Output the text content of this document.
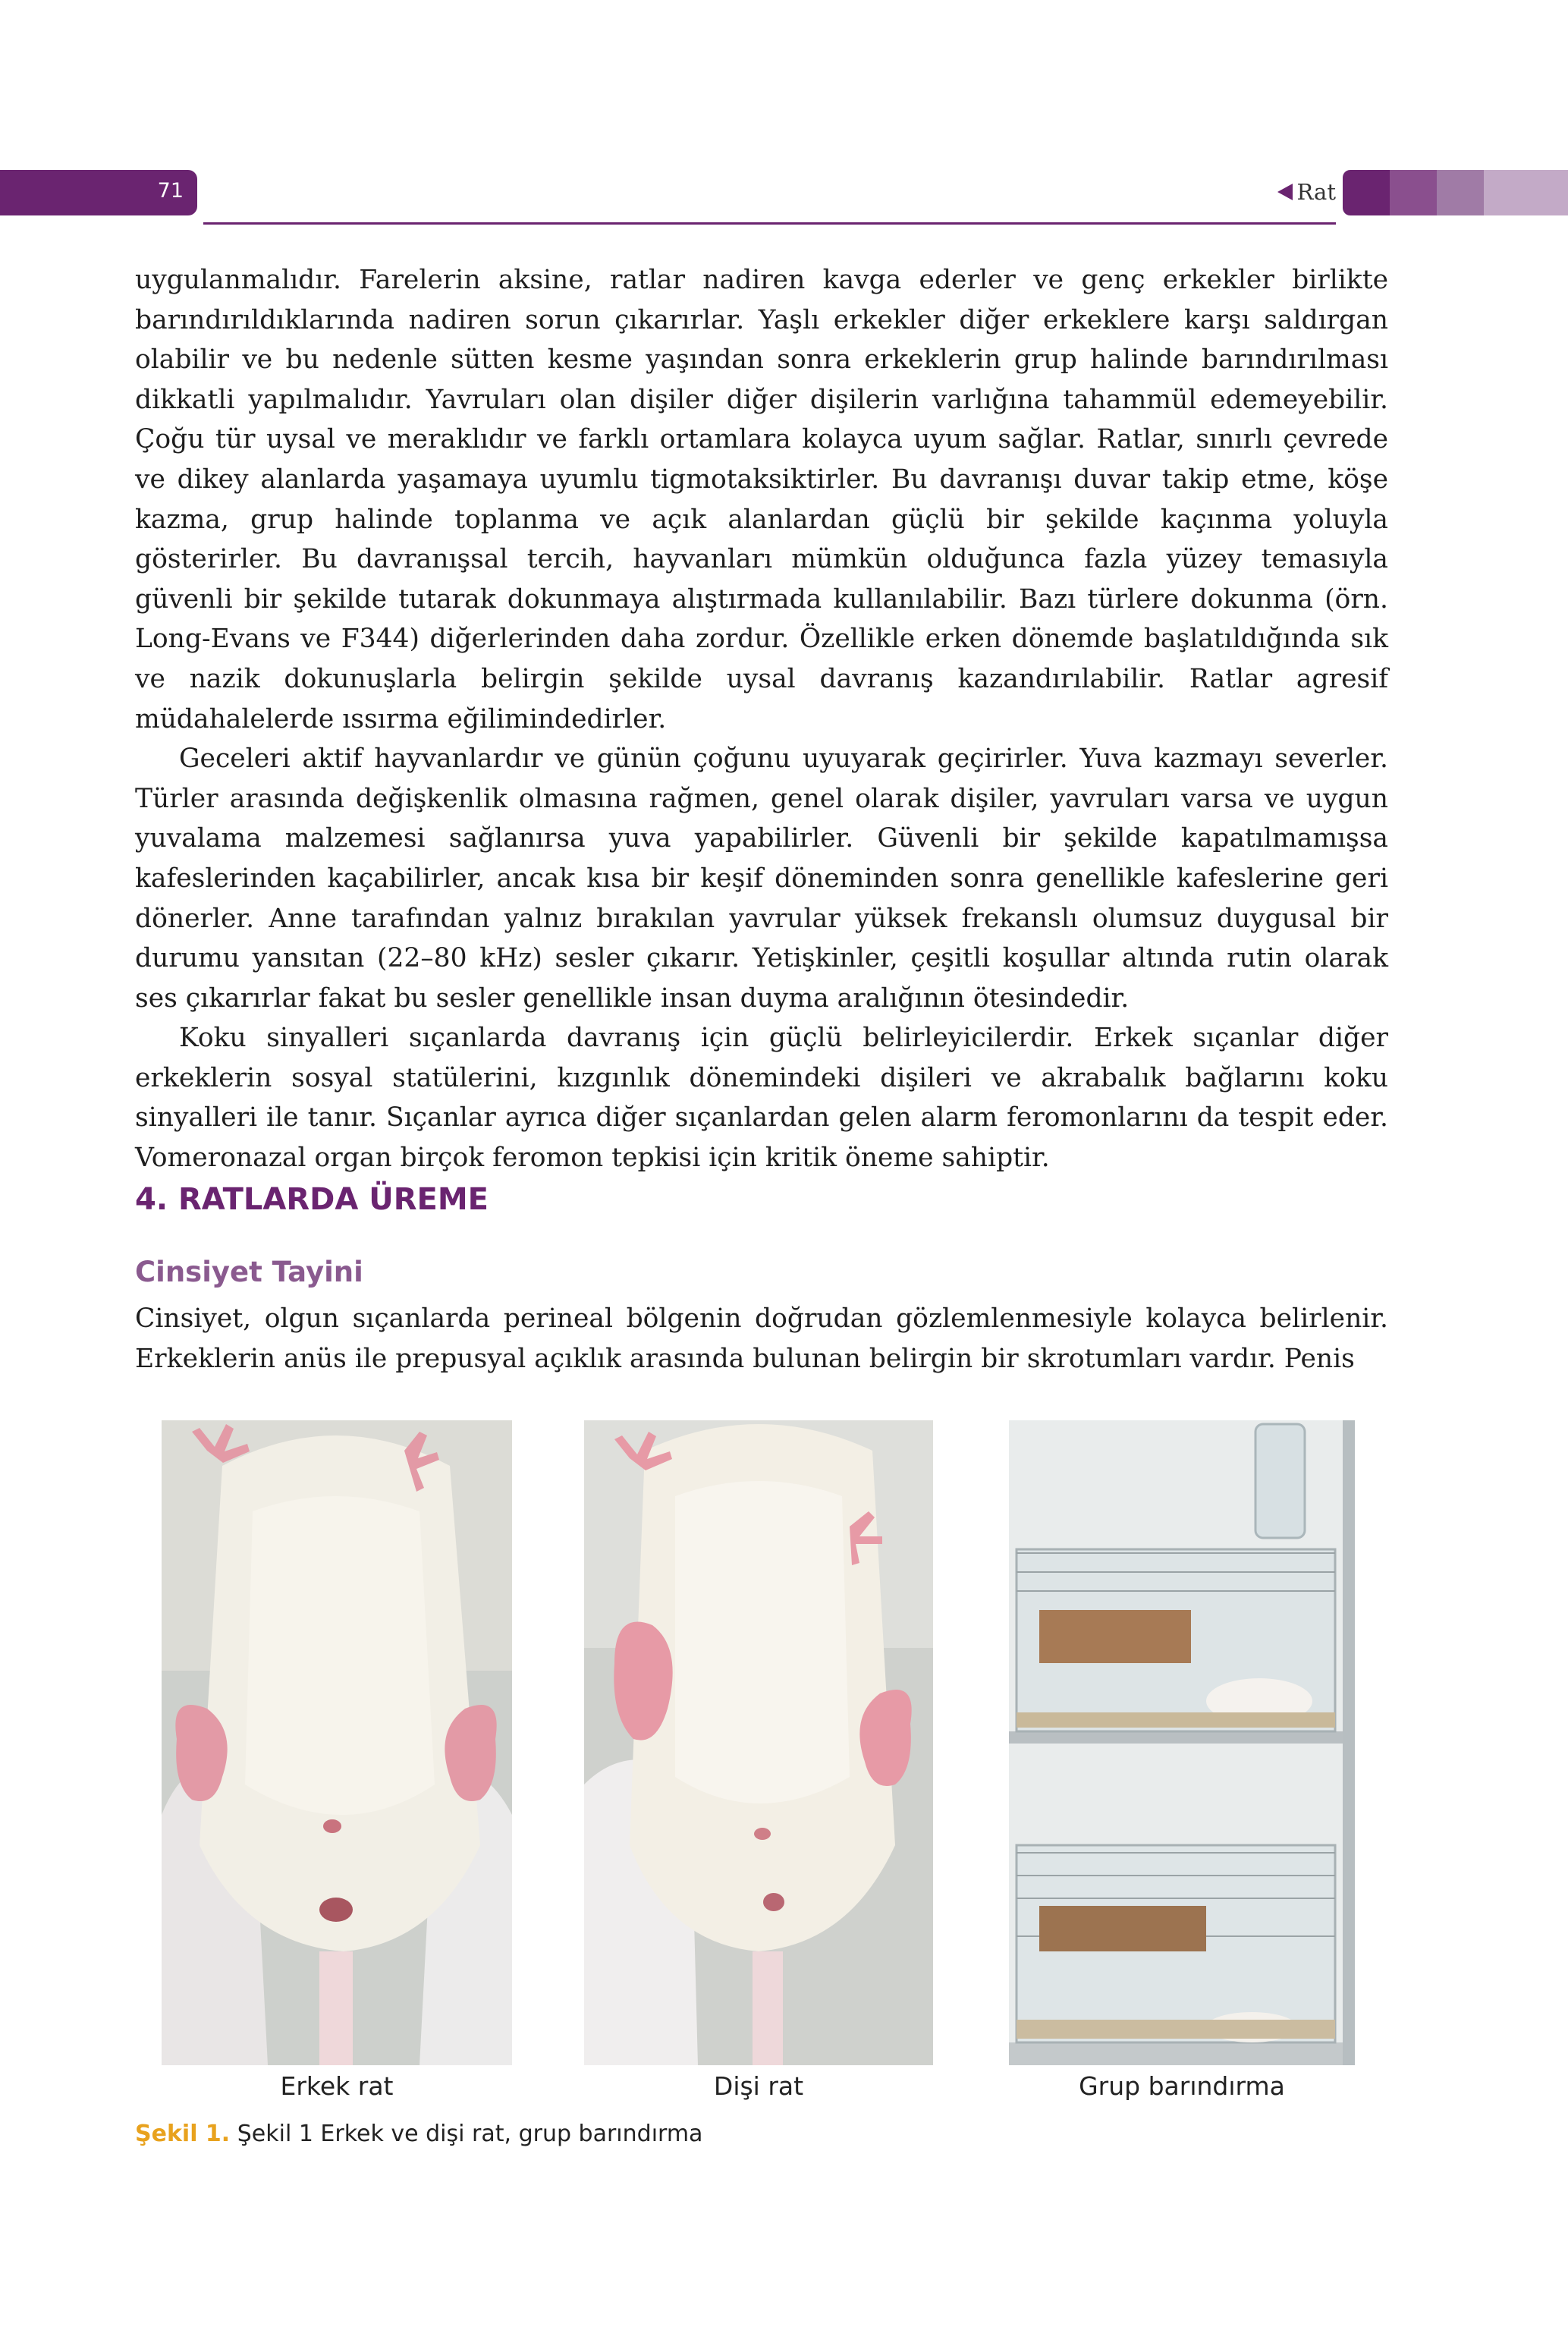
71	Rat

uygulanmalıdır. Farelerin aksine, ratlar nadiren kavga ederler ve genç erkekler birlikte barındırıldıklarında nadiren sorun çıkarırlar. Yaşlı erkekler diğer erkeklere karşı saldırgan olabilir ve bu nedenle sütten kesme yaşından sonra erkeklerin grup halinde barındırılması dikkatli yapılmalıdır. Yavruları olan dişiler diğer dişilerin varlığına tahammül edemeyebilir. Çoğu tür uysal ve meraklıdır ve farklı ortamlara kolayca uyum sağlar. Ratlar, sınırlı çevrede ve dikey alanlarda yaşamaya uyumlu tigmotaksiktirler. Bu davranışı duvar takip etme, köşe kazma, grup halinde toplanma ve açık alanlardan güçlü bir şekilde kaçınma yoluyla gösterirler. Bu davranışsal tercih, hayvanları mümkün olduğunca fazla yüzey temasıyla güvenli bir şekilde tutarak dokunmaya alıştırmada kullanılabilir. Bazı türlere dokunma (örn. Long-Evans ve F344) diğerlerinden daha zordur. Özellikle erken dönemde başlatıldığında sık ve nazik dokunuşlarla belirgin şekilde uysal davranış kazandırılabilir. Ratlar agresif müdahalelerde ıssırma eğilimindedirler.

Geceleri aktif hayvanlardır ve günün çoğunu uyuyarak geçirirler. Yuva kazmayı severler. Türler arasında değişkenlik olmasına rağmen, genel olarak dişiler, yavruları varsa ve uygun yuvalama malzemesi sağlanırsa yuva yapabilirler. Güvenli bir şekilde kapatılmamışsa kafeslerinden kaçabilirler, ancak kısa bir keşif döneminden sonra genellikle kafeslerine geri dönerler. Anne tarafından yalnız bırakılan yavrular yüksek frekanslı olumsuz duygusal bir durumu yansıtan (22–80 kHz) sesler çıkarır. Yetişkinler, çeşitli koşullar altında rutin olarak ses çıkarırlar fakat bu sesler genellikle insan duyma aralığının ötesindedir.

Koku sinyalleri sıçanlarda davranış için güçlü belirleyicilerdir. Erkek sıçanlar diğer erkeklerin sosyal statülerini, kızgınlık dönemindeki dişileri ve akrabalık bağlarını koku sinyalleri ile tanır. Sıçanlar ayrıca diğer sıçanlardan gelen alarm feromonlarını da tespit eder. Vomeronazal organ birçok feromon tepkisi için kritik öneme sahiptir.

4. RATLARDA ÜREME
Cinsiyet Tayini

Cinsiyet, olgun sıçanlarda perineal bölgenin doğrudan gözlemlenmesiyle kolayca belirlenir. Erkeklerin anüs ile prepusyal açıklık arasında bulunan belirgin bir skrotumları vardır. Penis

Erkek rat	Dişi rat	Grup barındırma
Şekil 1. Şekil 1 Erkek ve dişi rat, grup barındırma
